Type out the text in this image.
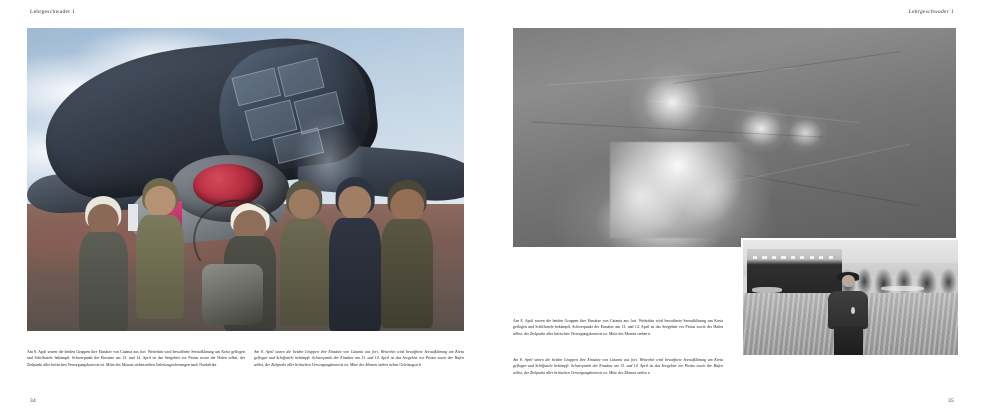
Lehrgeschwader 1
Am 8. April setzen die beiden Gruppen ihre Einsätze von Catania aus fort. Weiterhin wird bewaffnete Seeaufklärung um Kreta geflogen und Schiffsziele bekämpft. Schwerpunkt der Einsätze am 13. und 14. April ist das Seegebiet vor Piräus sowie der Hafen selbst, der Zielpunkt aller britischen Versorgungskonvois ist. Mitte des Monats stehen neben Geleitzugsicherungen nach Nordafrika
Am 8. April setzen die beiden Gruppen ihre Einsätze von Catania aus fort. Weiterhin wird bewaffnete Seeaufklärung um Kreta geflogen und Schiffsziele bekämpft. Schwerpunkt der Einsätze am 13. und 14. April ist das Seegebiet vor Piräus sowie der Hafen selbst, der Zielpunkt aller britischen Versorgungskonvois ist. Mitte des Monats stehen neben Geleitzugsich
34
Lehrgeschwader 1
Am 8. April setzen die beiden Gruppen ihre Einsätze von Catania aus fort. Weiterhin wird bewaffnete Seeaufklärung um Kreta geflogen und Schiffsziele bekämpft. Schwerpunkt der Einsätze am 13. und 14. April ist das Seegebiet vor Piräus sowie der Hafen selbst, der Zielpunkt aller britischen Versorgungskonvois ist. Mitte des Monats stehen n
Am 8. April setzen die beiden Gruppen ihre Einsätze von Catania aus fort. Weiterhin wird bewaffnete Seeaufklärung um Kreta geflogen und Schiffsziele bekämpft. Schwerpunkt der Einsätze am 13. und 14. April ist das Seegebiet vor Piräus sowie der Hafen selbst, der Zielpunkt aller britischen Versorgungskonvois ist. Mitte des Monats stehen u
35
